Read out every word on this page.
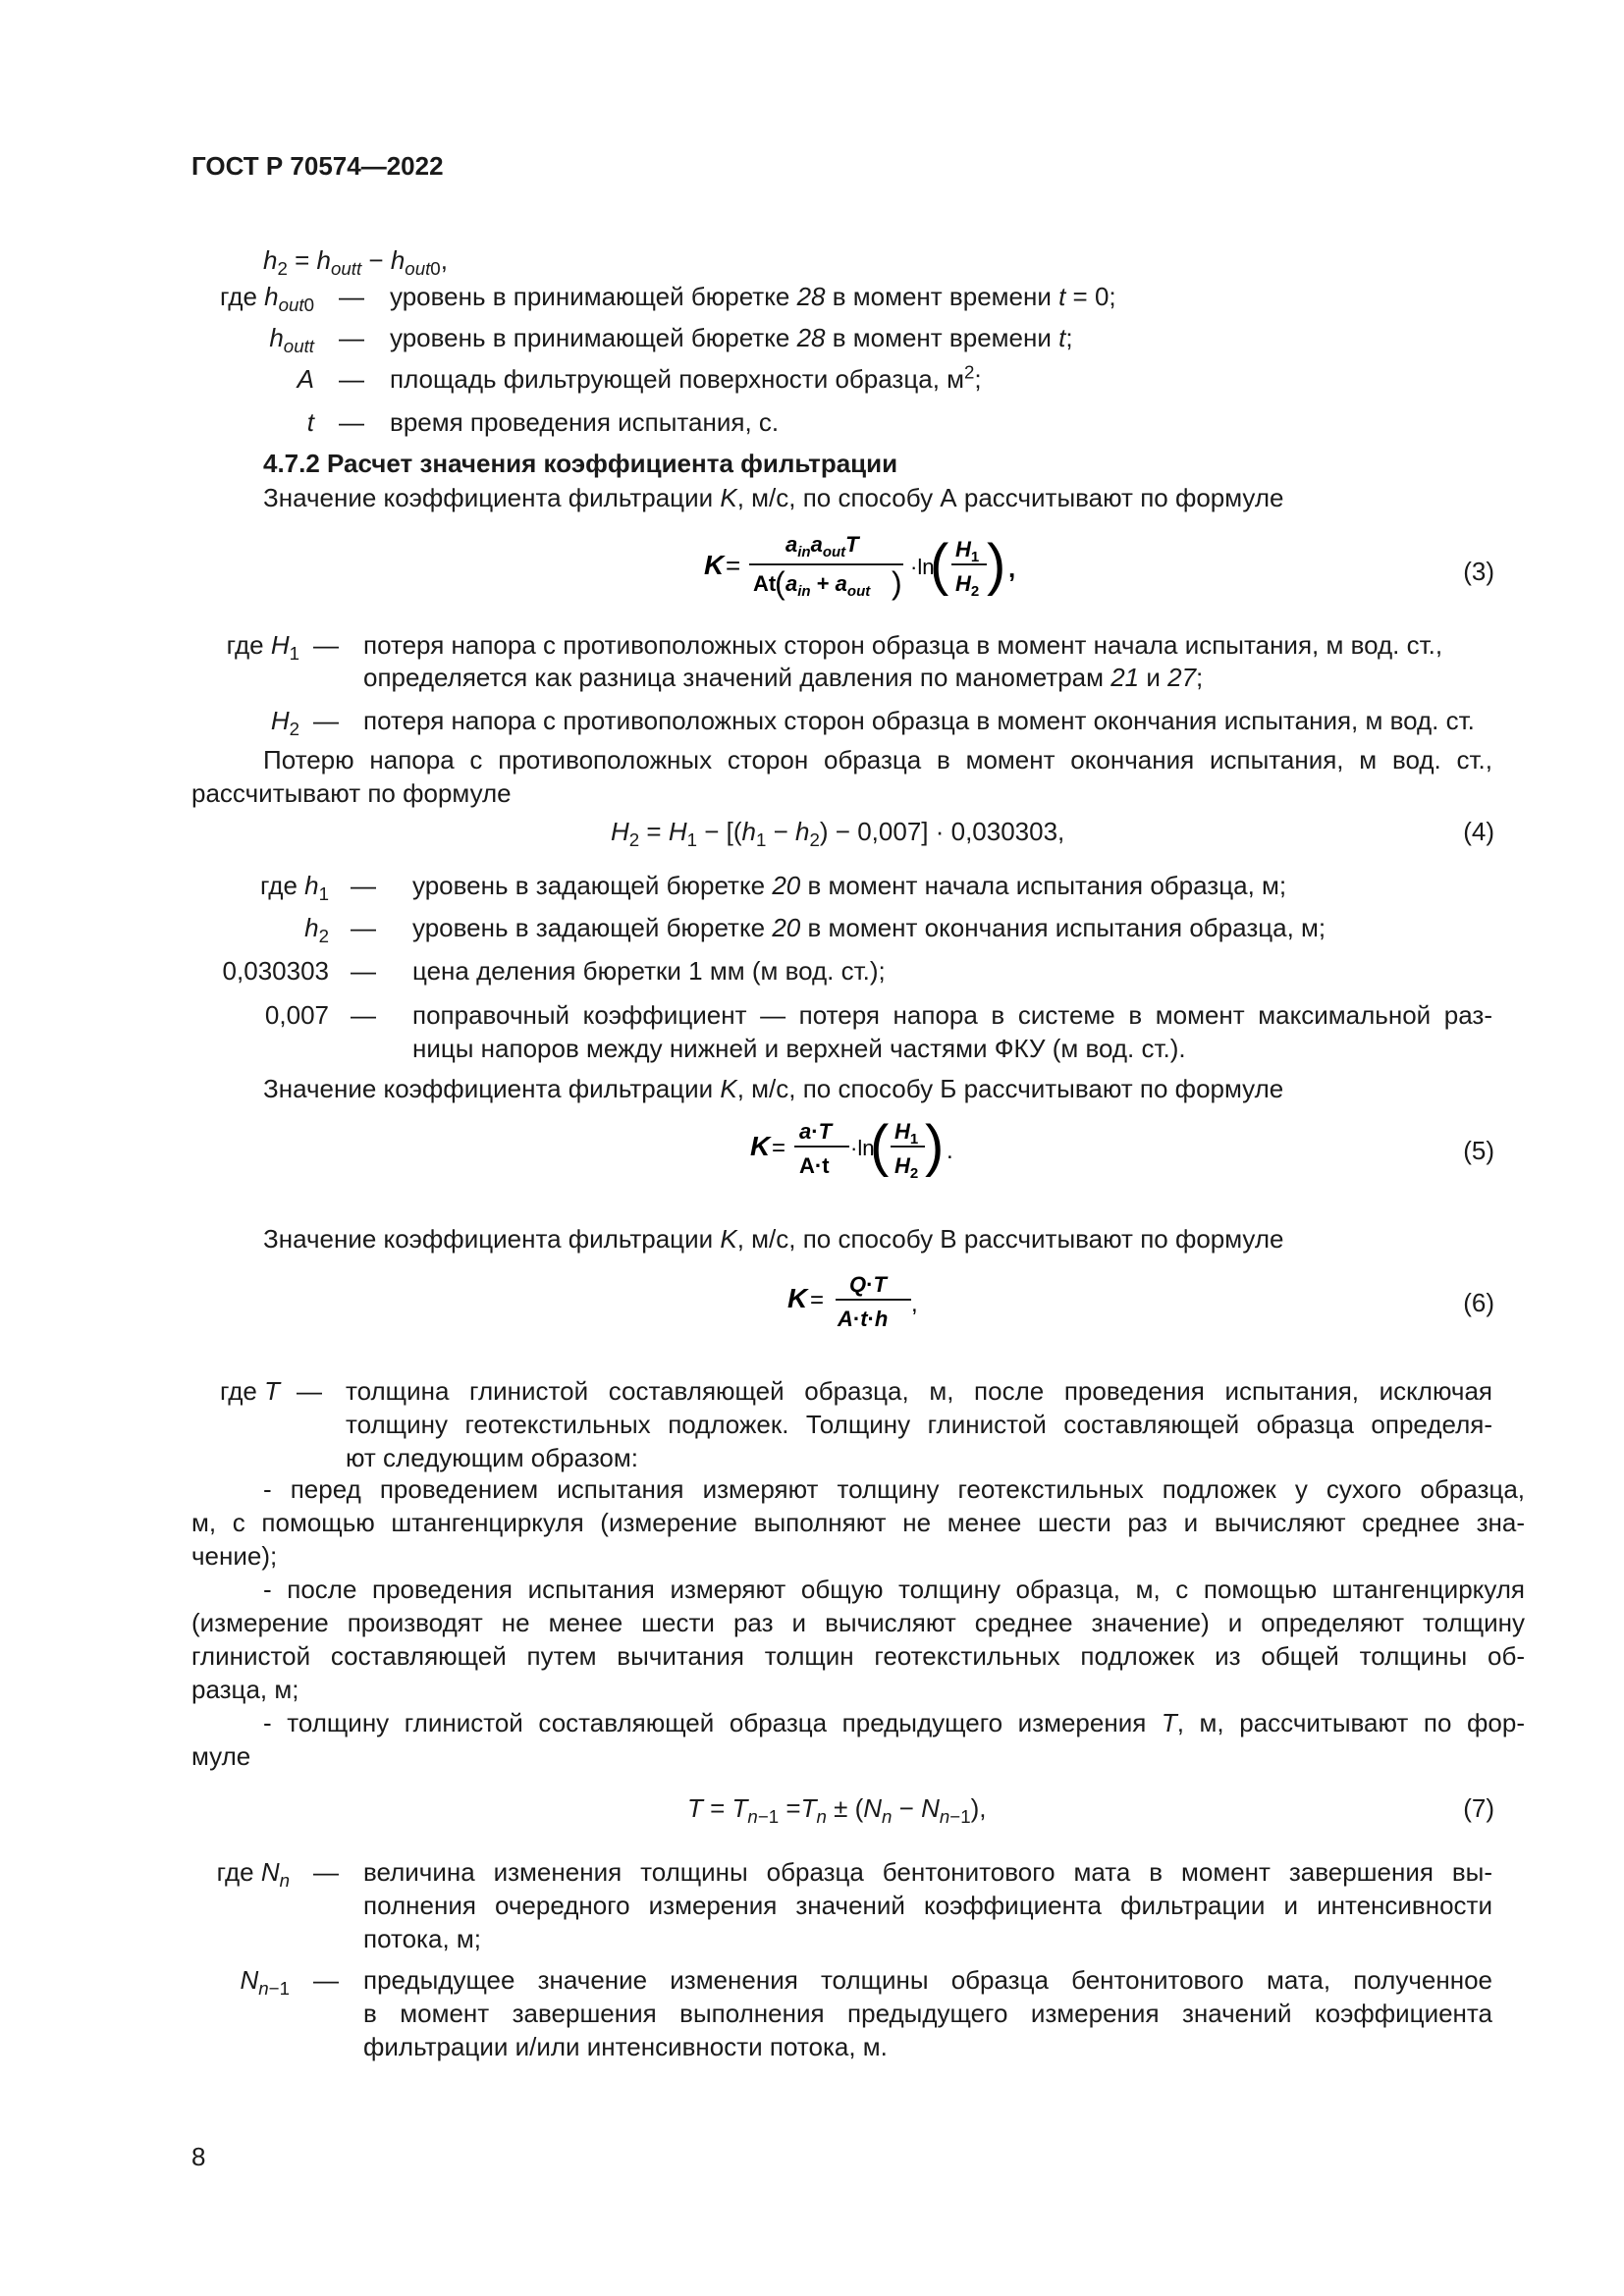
ГОСТ Р 70574—2022
$h_2 = h_{outt} - h_{out0}$,
где $h_{out0}$ — уровень в принимающей бюретке 28 в момент времени t = 0;
$h_{outt}$ — уровень в принимающей бюретке 28 в момент времени t;
A — площадь фильтрующей поверхности образца, $м^2$;
t — время проведения испытания, с.
4.7.2 Расчет значения коэффициента фильтрации
Значение коэффициента фильтрации K, м/с, по способу А рассчитывают по формуле
K =
$a_{in}a_{out}T$
At
( $a_{in} + a_{out}$ ) ·ln
( $H_1$
$H_2$ ) ,	(3)
где $H_1$ — потеря напора с противоположных сторон образца в момент начала испытания, м вод. ст.,
определяется как разница значений давления по манометрам 21 и 27;
$H_2$ — потеря напора с противоположных сторон образца в момент окончания испытания, м вод. ст.
Потерю напора с противоположных сторон образца в момент окончания испытания, м вод. ст.,
рассчитывают по формуле
$H_2 = H_1 - [(h_1 - h_2) - 0,007] \cdot 0,030303$,	(4)
где $h_1$ — уровень в задающей бюретке 20 в момент начала испытания образца, м;
$h_2$ — уровень в задающей бюретке 20 в момент окончания испытания образца, м;
0,030303 — цена деления бюретки 1 мм (м вод. ст.);
0,007 — поправочный коэффициент — потеря напора в системе в момент максимальной раз-
ницы напоров между нижней и верхней частями ФКУ (м вод. ст.).
Значение коэффициента фильтрации K, м/с, по способу Б рассчитывают по формуле
K =
a·T
A·t
·ln
( $H_1$
$H_2$ ) .	(5)
Значение коэффициента фильтрации K, м/с, по способу В рассчитывают по формуле
K =
Q·T
A·t·h
,	(6)
где T — толщина глинистой составляющей образца, м, после проведения испытания, исключая
толщину геотекстильных подложек. Толщину глинистой составляющей образца определя-
ют следующим образом:
- перед проведением испытания измеряют толщину геотекстильных подложек у сухого образца,
м, с помощью штангенциркуля (измерение выполняют не менее шести раз и вычисляют среднее зна-
чение);
- после проведения испытания измеряют общую толщину образца, м, с помощью штангенциркуля
(измерение производят не менее шести раз и вычисляют среднее значение) и определяют толщину
глинистой составляющей путем вычитания толщин геотекстильных подложек из общей толщины об-
разца, м;
- толщину глинистой составляющей образца предыдущего измерения T, м, рассчитывают по фор-
муле
$T = T_{n-1} =T_n \pm (N_n - N_{n-1})$,	(7)
где $N_n$ — величина изменения толщины образца бентонитового мата в момент завершения вы-
полнения очередного измерения значений коэффициента фильтрации и интенсивности
потока, м;
$N_{n-1}$ — предыдущее значение изменения толщины образца бентонитового мата, полученное
в момент завершения выполнения предыдущего измерения значений коэффициента
фильтрации и/или интенсивности потока, м.
8
